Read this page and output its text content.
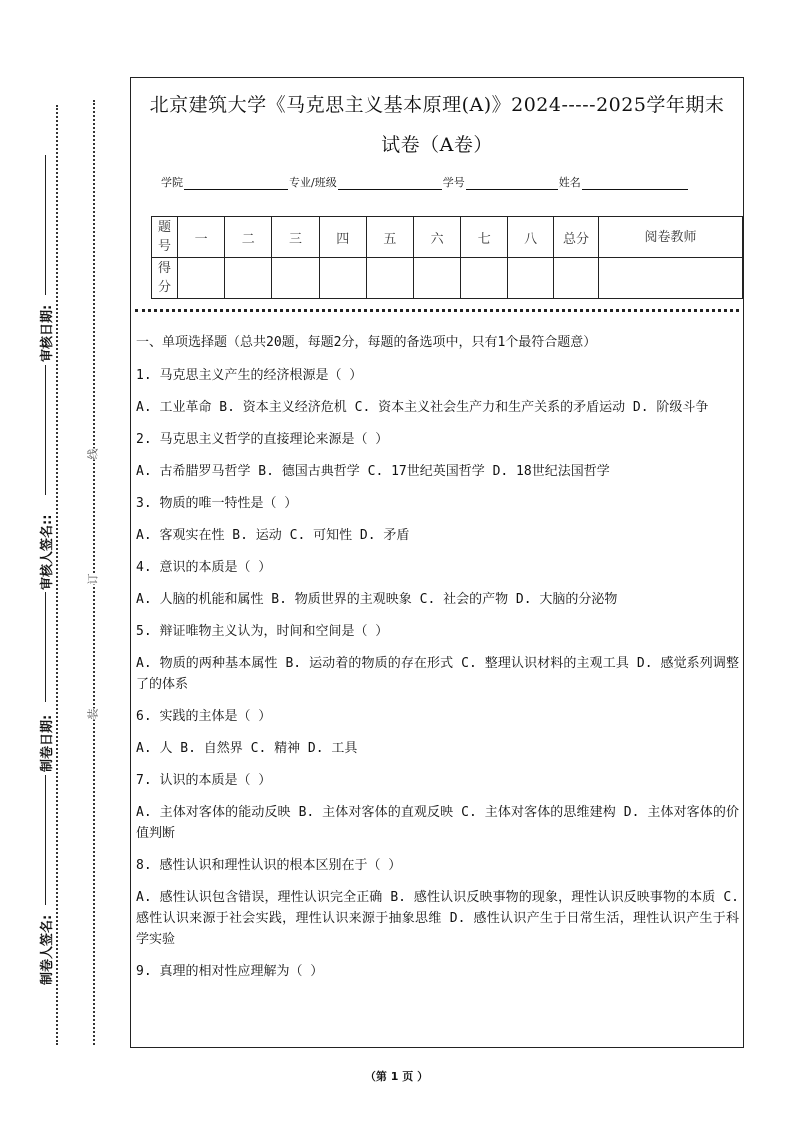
审核日期:
审核人签名::
制卷日期:
制卷人签名:
线
订
装
北京建筑大学《马克思主义基本原理(A)》2024-----2025学年期末
试卷（A卷）
学院	专业/班级	学号	姓名
题号	一	二	三	四	五	六	七	八	总分	阅卷教师
得分										

一、单项选择题（总共20题，每题2分，每题的备选项中，只有1个最符合题意）

1. 马克思主义产生的经济根源是（ ）

A. 工业革命 B. 资本主义经济危机 C. 资本主义社会生产力和生产关系的矛盾运动 D. 阶级斗争

2. 马克思主义哲学的直接理论来源是（ ）

A. 古希腊罗马哲学 B. 德国古典哲学 C. 17世纪英国哲学 D. 18世纪法国哲学

3. 物质的唯一特性是（ ）

A. 客观实在性 B. 运动 C. 可知性 D. 矛盾

4. 意识的本质是（ ）

A. 人脑的机能和属性 B. 物质世界的主观映象 C. 社会的产物 D. 大脑的分泌物

5. 辩证唯物主义认为，时间和空间是（ ）

A. 物质的两种基本属性 B. 运动着的物质的存在形式 C. 整理认识材料的主观工具 D. 感觉系列调整了的体系

6. 实践的主体是（ ）

A. 人 B. 自然界 C. 精神 D. 工具

7. 认识的本质是（ ）

A. 主体对客体的能动反映 B. 主体对客体的直观反映 C. 主体对客体的思维建构 D. 主体对客体的价值判断

8. 感性认识和理性认识的根本区别在于（ ）

A. 感性认识包含错误，理性认识完全正确 B. 感性认识反映事物的现象，理性认识反映事物的本质 C. 感性认识来源于社会实践，理性认识来源于抽象思维 D. 感性认识产生于日常生活，理性认识产生于科学实验

9. 真理的相对性应理解为（ ）

（第 1 页 ）
